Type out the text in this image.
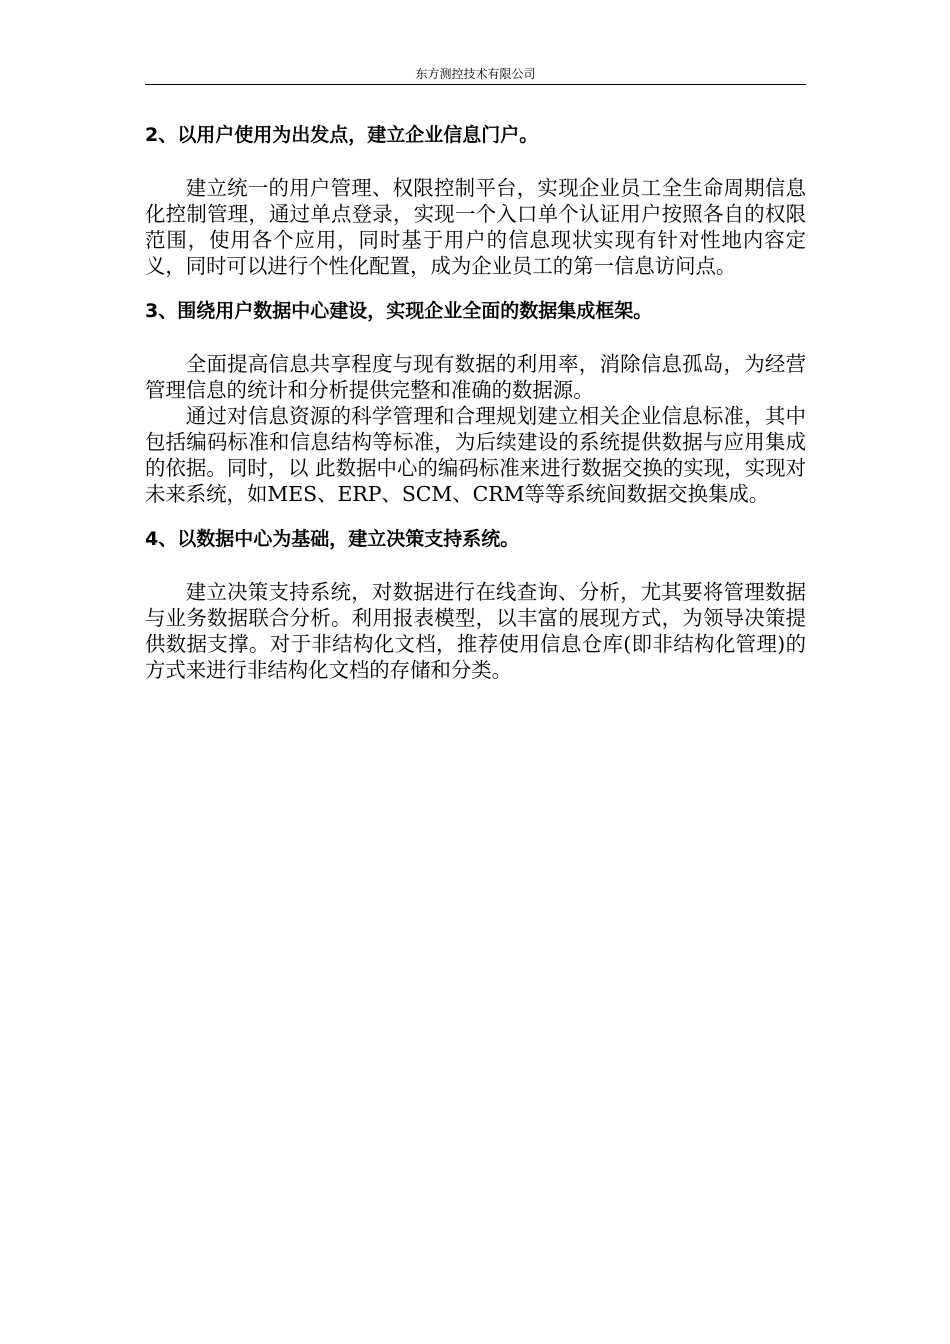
东方测控技术有限公司
2、以用户使用为出发点，建立企业信息门户。

建立统一的用户管理、权限控制平台，实现企业员工全生命周期信息化控制管理，通过单点登录，实现一个入口单个认证用户按照各自的权限范围，使用各个应用，同时基于用户的信息现状实现有针对性地内容定义，同时可以进行个性化配置，成为企业员工的第一信息访问点。

3、围绕用户数据中心建设，实现企业全面的数据集成框架。

全面提高信息共享程度与现有数据的利用率，消除信息孤岛，为经营管理信息的统计和分析提供完整和准确的数据源。

通过对信息资源的科学管理和合理规划建立相关企业信息标准，其中包括编码标准和信息结构等标准，为后续建设的系统提供数据与应用集成的依据。同时，以 此数据中心的编码标准来进行数据交换的实现，实现对未来系统，如MES、ERP、SCM、CRM等等系统间数据交换集成。

4、以数据中心为基础，建立决策支持系统。

建立决策支持系统，对数据进行在线查询、分析，尤其要将管理数据与业务数据联合分析。利用报表模型，以丰富的展现方式，为领导决策提供数据支撑。对于非结构化文档，推荐使用信息仓库(即非结构化管理)的方式来进行非结构化文档的存储和分类。
